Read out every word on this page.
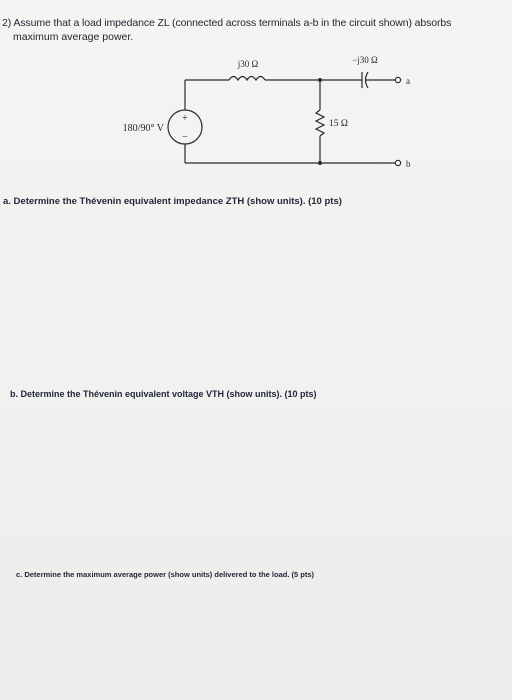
2) Assume that a load impedance ZL (connected across terminals a-b in the circuit shown) absorbs

maximum average power.

+
−
180/90° V
j30 Ω	−j30 Ω
15 Ω
a
b

a. Determine the Thévenin equivalent impedance ZTH (show units). (10 pts)

b. Determine the Thévenin equivalent voltage VTH (show units). (10 pts)

c. Determine the maximum average power (show units) delivered to the load. (5 pts)
